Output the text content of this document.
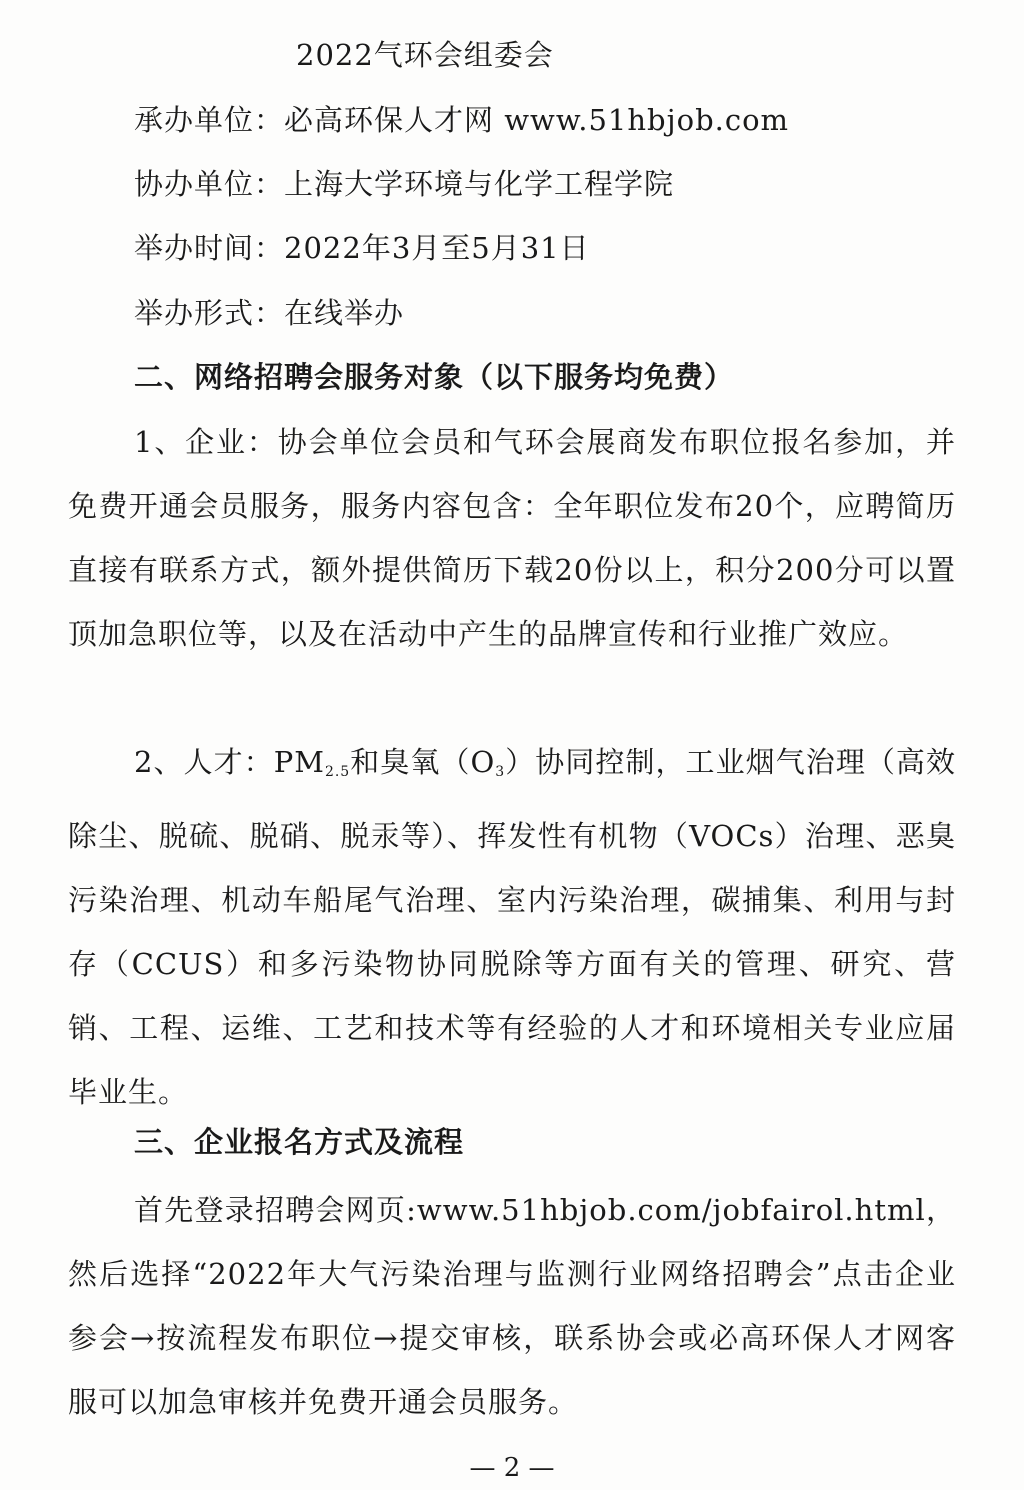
2022气环会组委会
承办单位：必高环保人才网 www.51hbjob.com
协办单位：上海大学环境与化学工程学院
举办时间：2022年3月至5月31日
举办形式：在线举办
二、网络招聘会服务对象（以下服务均免费）
1、企业：协会单位会员和气环会展商发布职位报名参加，并免费开通会员服务，服务内容包含：全年职位发布20个，应聘简历直接有联系方式，额外提供简历下载20份以上，积分200分可以置顶加急职位等，以及在活动中产生的品牌宣传和行业推广效应。
2、人才：$PM_{2.5}$和臭氧$(O_3)$协同控制，工业烟气治理（高效除尘、脱硫、脱硝、脱汞等）、挥发性有机物（VOCs）治理、恶臭污染治理、机动车船尾气治理、室内污染治理，碳捕集、利用与封存（CCUS）和多污染物协同脱除等方面有关的管理、研究、营销、工程、运维、工艺和技术等有经验的人才和环境相关专业应届毕业生。
三、企业报名方式及流程
首先登录招聘会网页:www.51hbjob.com/jobfairol.html，然后选择“2022年大气污染治理与监测行业网络招聘会”点击企业参会→按流程发布职位→提交审核，联系协会或必高环保人才网客服可以加急审核并免费开通会员服务。
— 2 —
